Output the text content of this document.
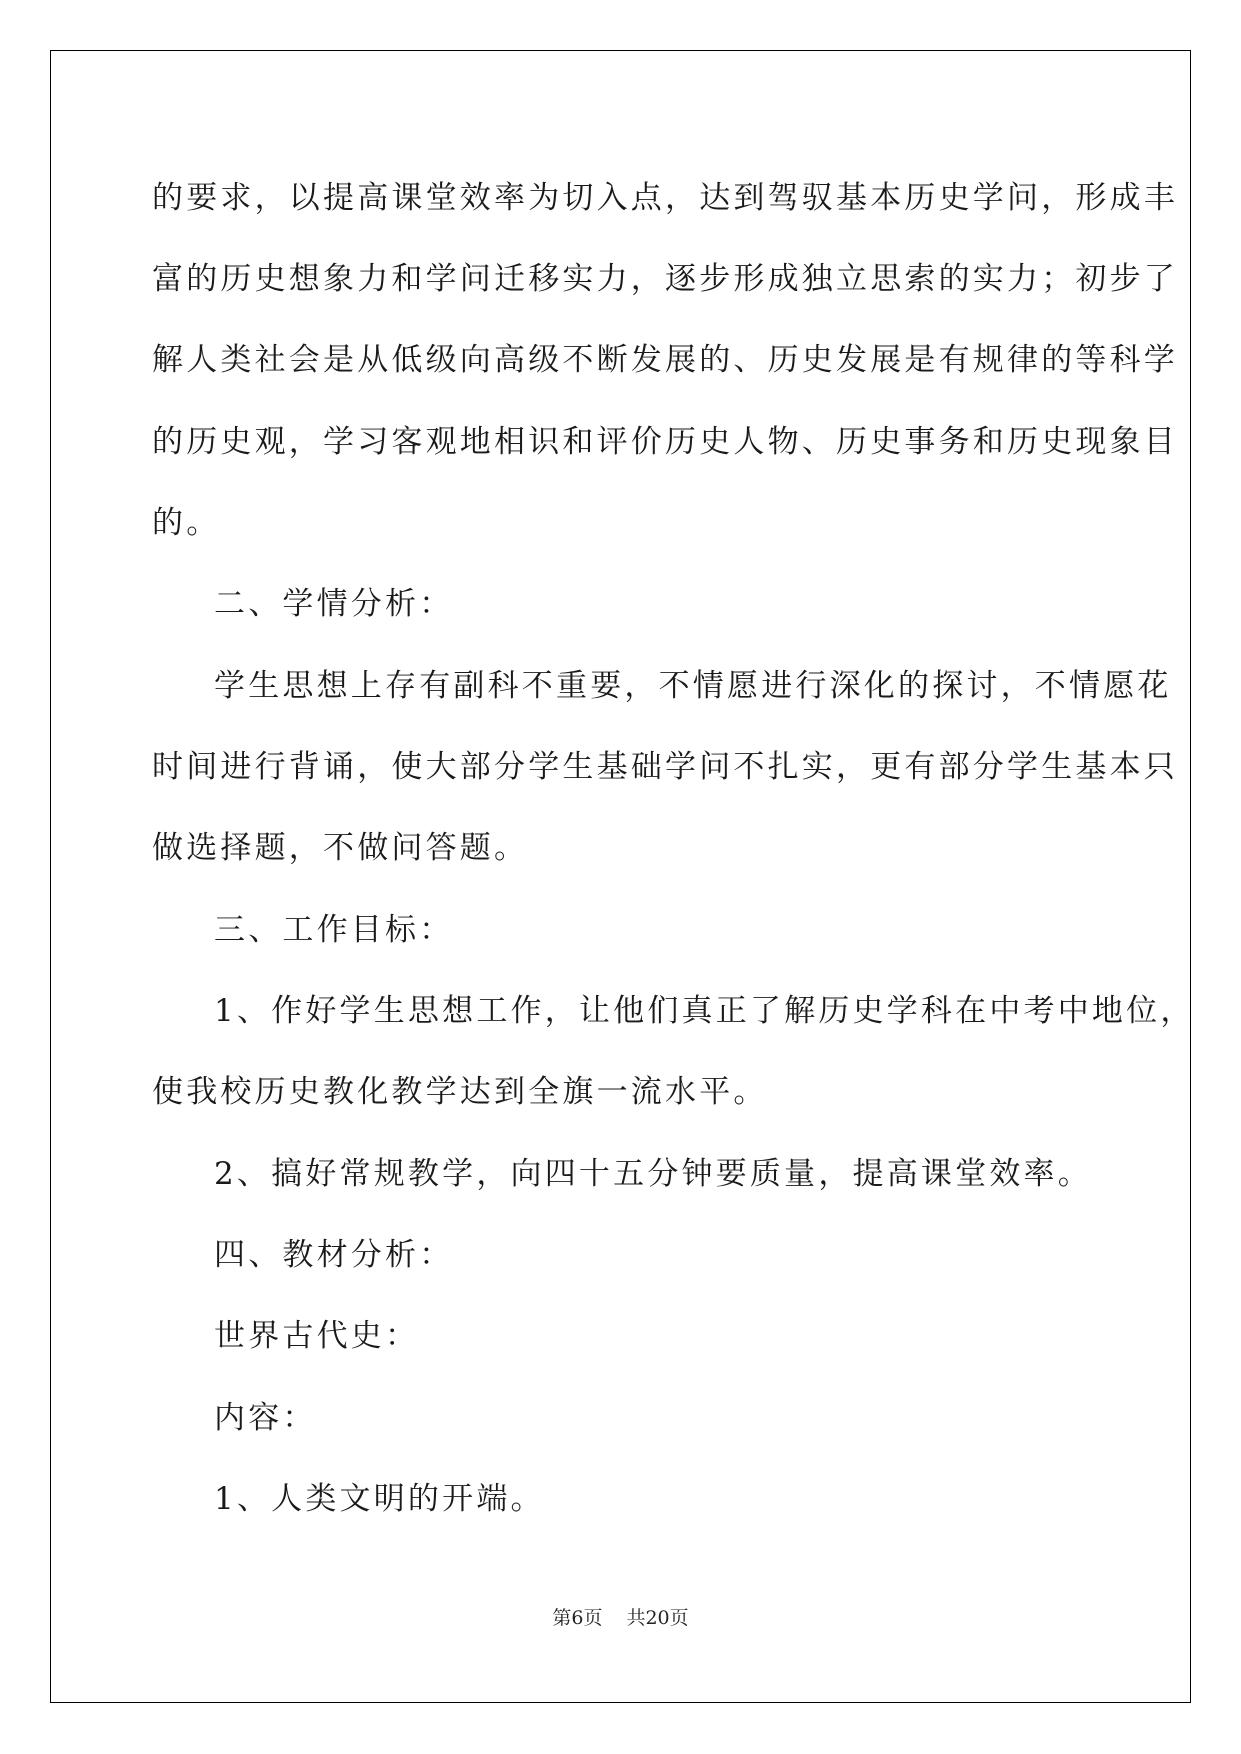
的要求，以提高课堂效率为切入点，达到驾驭基本历史学问，形成丰

富的历史想象力和学问迁移实力，逐步形成独立思索的实力；初步了

解人类社会是从低级向高级不断发展的、历史发展是有规律的等科学

的历史观，学习客观地相识和评价历史人物、历史事务和历史现象目

的。

二、学情分析：

学生思想上存有副科不重要，不情愿进行深化的探讨，不情愿花

时间进行背诵，使大部分学生基础学问不扎实，更有部分学生基本只

做选择题，不做问答题。

三、工作目标：

1、作好学生思想工作，让他们真正了解历史学科在中考中地位，

使我校历史教化教学达到全旗一流水平。

2、搞好常规教学，向四十五分钟要质量，提高课堂效率。

四、教材分析：

世界古代史：

内容：

1、人类文明的开端。

第6页 共20页
